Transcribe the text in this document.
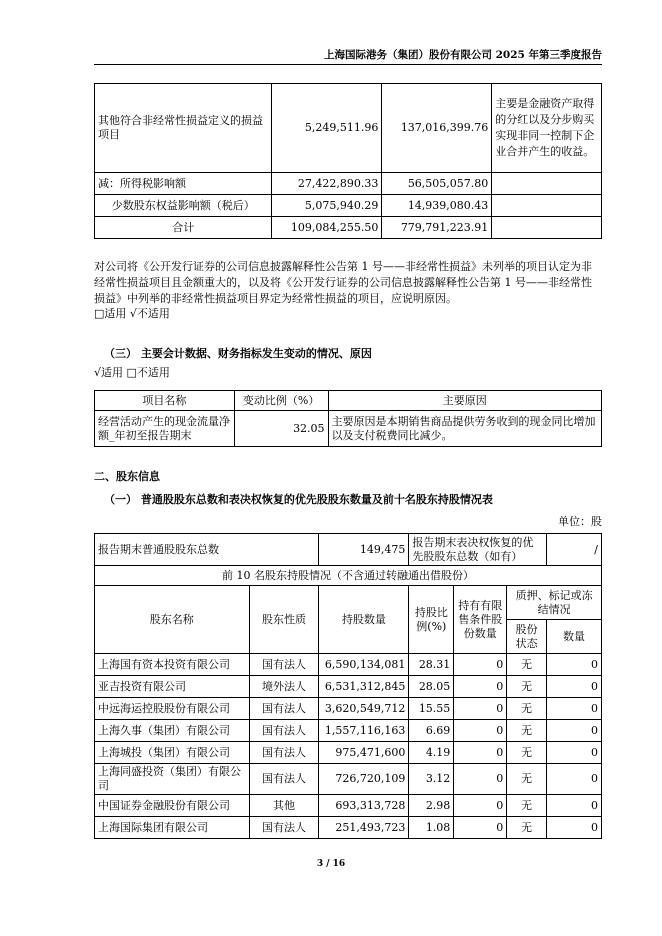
上海国际港务（集团）股份有限公司 2025 年第三季度报告
其他符合非经常性损益定义的损益项目	5,249,511.96	137,016,399.76	主要是金融资产取得的分红以及分步购买实现非同一控制下企业合并产生的收益。
减：所得税影响额	27,422,890.33	56,505,057.80	
少数股东权益影响额（税后）	5,075,940.29	14,939,080.43	
合计	109,084,255.50	779,791,223.91	
对公司将《公开发行证券的公司信息披露解释性公告第 1 号——非经常性损益》未列举的项目认定为非经常性损益项目且金额重大的，以及将《公开发行证券的公司信息披露解释性公告第 1 号——非经常性损益》中列举的非经常性损益项目界定为经常性损益的项目，应说明原因。
□适用 √不适用
（三） 主要会计数据、财务指标发生变动的情况、原因
√适用 □不适用
项目名称	变动比例（%）	主要原因
经营活动产生的现金流量净额_年初至报告期末	32.05	主要原因是本期销售商品提供劳务收到的现金同比增加以及支付税费同比减少。
二、股东信息
（一） 普通股股东总数和表决权恢复的优先股股东数量及前十名股东持股情况表
单位：股
报告期末普通股股东总数		149,475	报告期末表决权恢复的优先股股东总数（如有）			/
前 10 名股东持股情况（不含通过转融通出借股份）						
股东名称	股东性质	持股数量	持股比例(%)	持有有限售条件股份数量	质押、标记或冻结情况	
					股份状态	数量
上海国有资本投资有限公司	国有法人	6,590,134,081	28.31	0	无	0
亚吉投资有限公司	境外法人	6,531,312,845	28.05	0	无	0
中远海运控股股份有限公司	国有法人	3,620,549,712	15.55	0	无	0
上海久事（集团）有限公司	国有法人	1,557,116,163	6.69	0	无	0
上海城投（集团）有限公司	国有法人	975,471,600	4.19	0	无	0
上海同盛投资（集团）有限公司	国有法人	726,720,109	3.12	0	无	0
中国证券金融股份有限公司	其他	693,313,728	2.98	0	无	0
上海国际集团有限公司	国有法人	251,493,723	1.08	0	无	0
3 / 16
